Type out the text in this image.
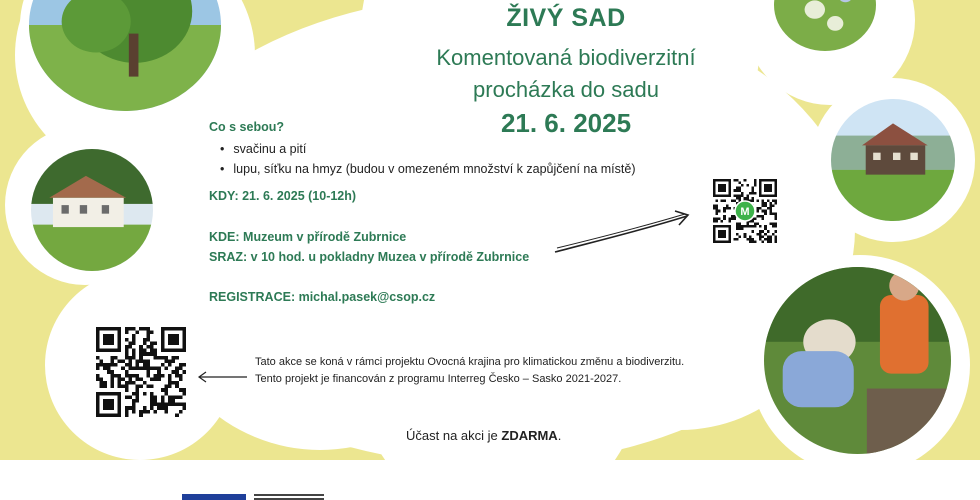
ŽIVÝ SAD
Komentovaná biodiverzitní
procházka do sadu
21. 6. 2025
Co s sebou?
• svačinu a pití
• lupu, síťku na hmyz (budou v omezeném množství k zapůjčení na místě)
KDY: 21. 6. 2025 (10-12h)
KDE: Muzeum v přírodě Zubrnice
SRAZ: v 10 hod. u pokladny Muzea v přírodě Zubrnice
REGISTRACE: michal.pasek@csop.cz
M
Tato akce se koná v rámci projektu Ovocná krajina pro klimatickou změnu a biodiverzitu.
Tento projekt je financován z programu Interreg Česko – Sasko 2021-2027.
Účast na akci je ZDARMA.
